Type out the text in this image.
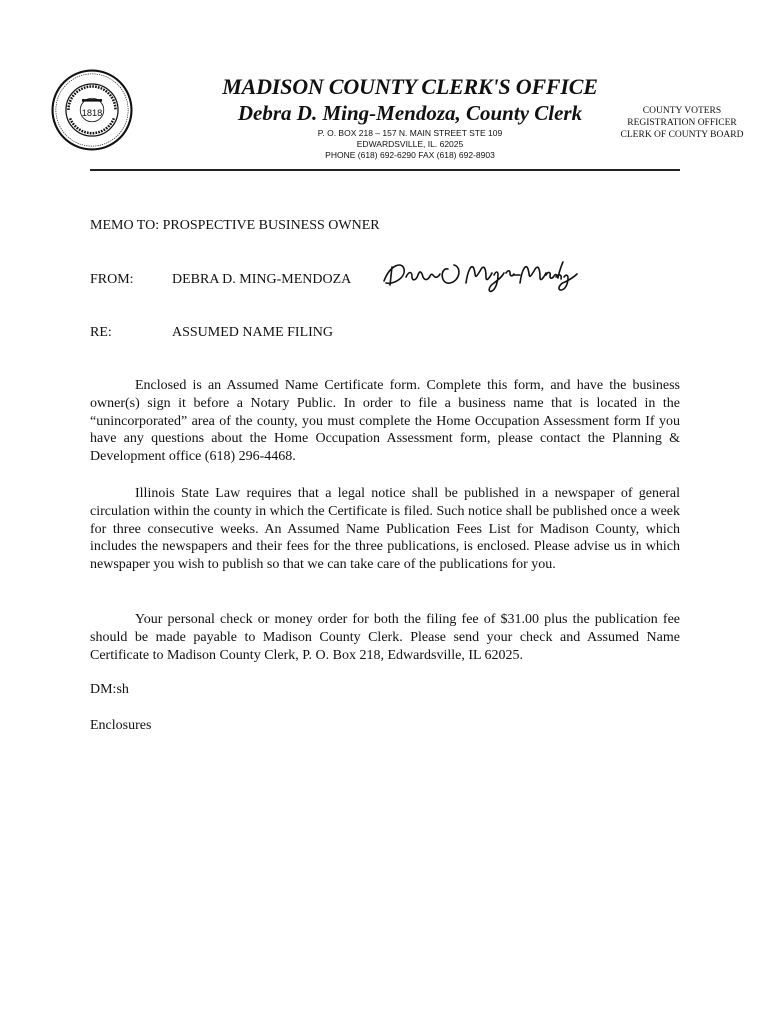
1818
MADISON COUNTY CLERK'S OFFICE
Debra D. Ming-Mendoza, County Clerk
P. O. BOX 218 – 157 N. MAIN STREET STE 109
EDWARDSVILLE, IL. 62025
PHONE (618) 692-6290 FAX (618) 692-8903
COUNTY VOTERS
REGISTRATION OFFICER
CLERK OF COUNTY BOARD
MEMO TO: PROSPECTIVE BUSINESS OWNER
FROM:	DEBRA D. MING-MENDOZA
RE:	ASSUMED NAME FILING

Enclosed is an Assumed Name Certificate form. Complete this form, and have the business owner(s) sign it before a Notary Public. In order to file a business name that is located in the “unincorporated” area of the county, you must complete the Home Occupation Assessment form If you have any questions about the Home Occupation Assessment form, please contact the Planning & Development office (618) 296-4468.

Illinois State Law requires that a legal notice shall be published in a newspaper of general circulation within the county in which the Certificate is filed. Such notice shall be published once a week for three consecutive weeks. An Assumed Name Publication Fees List for Madison County, which includes the newspapers and their fees for the three publications, is enclosed. Please advise us in which newspaper you wish to publish so that we can take care of the publications for you.

Your personal check or money order for both the filing fee of $31.00 plus the publication fee should be made payable to Madison County Clerk. Please send your check and Assumed Name Certificate to Madison County Clerk, P. O. Box 218, Edwardsville, IL 62025.

DM:sh
Enclosures
